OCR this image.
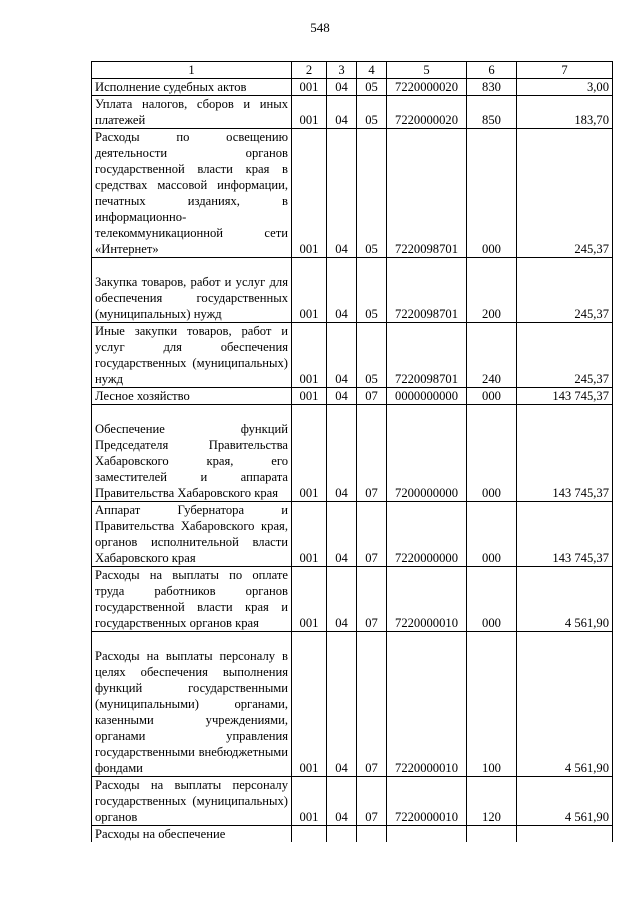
548
1	2	3	4	5	6	7
Исполнение судебных актов	001	04	05	7220000020	830	3,00
Уплата налогов, сборов и иных платежей	001	04	05	7220000020	850	183,70
Расходы по освещению деятельности органов государственной власти края в средствах массовой информации, печатных изданиях, в информационно-телекоммуникационной сети «Интернет»	001	04	05	7220098701	000	245,37
Закупка товаров, работ и услуг для обеспечения государственных (муниципальных) нужд	001	04	05	7220098701	200	245,37
Иные закупки товаров, работ и услуг для обеспечения государственных (муниципальных) нужд	001	04	05	7220098701	240	245,37
Лесное хозяйство	001	04	07	0000000000	000	143 745,37
Обеспечение функций Председателя Правительства Хабаровского края, его заместителей и аппарата Правительства Хабаровского края	001	04	07	7200000000	000	143 745,37
Аппарат Губернатора и Правительства Хабаровского края, органов исполнительной власти Хабаровского края	001	04	07	7220000000	000	143 745,37
Расходы на выплаты по оплате труда работников органов государственной власти края и государственных органов края	001	04	07	7220000010	000	4 561,90
Расходы на выплаты персоналу в целях обеспечения выполнения функций государственными (муниципальными) органами, казенными учреждениями, органами управления государственными внебюджетными фондами	001	04	07	7220000010	100	4 561,90
Расходы на выплаты персоналу государственных (муниципальных) органов	001	04	07	7220000010	120	4 561,90
Расходы на обеспечение						
